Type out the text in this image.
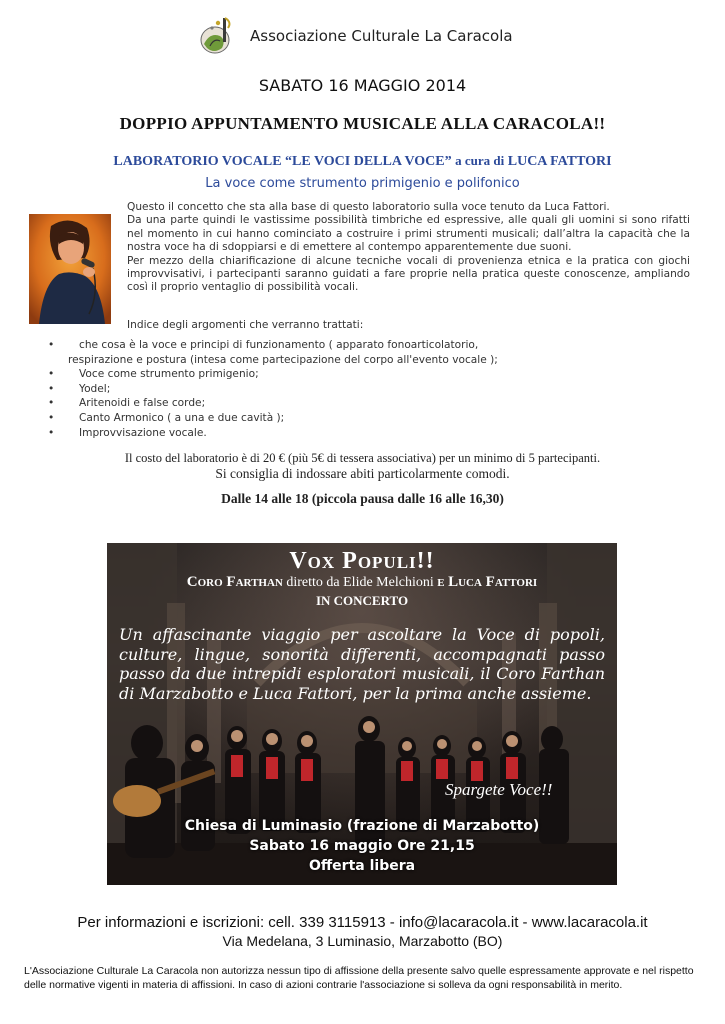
Associazione Culturale La Caracola
SABATO 16 MAGGIO 2014
DOPPIO APPUNTAMENTO MUSICALE ALLA CARACOLA!!
LABORATORIO VOCALE “LE VOCI DELLA VOCE” a cura di LUCA FATTORI
La voce come strumento primigenio e polifonico

Questo il concetto che sta alla base di questo laboratorio sulla voce tenuto da Luca Fattori.

Da una parte quindi le vastissime possibilità timbriche ed espressive, alle quali gli uomini si sono rifatti nel momento in cui hanno cominciato a costruire i primi strumenti musicali; dall’altra la capacità che la nostra voce ha di sdoppiarsi e di emettere al contempo apparentemente due suoni.

Per mezzo della chiarificazione di alcune tecniche vocali di provenienza etnica e la pratica con giochi improvvisativi, i partecipanti saranno guidati a fare proprie nella pratica queste conoscenze, ampliando così il proprio ventaglio di possibilità vocali.

Indice degli argomenti che verranno trattati:
• che cosa è la voce e principi di funzionamento ( apparato fonoarticolatorio,
respirazione e postura (intesa come partecipazione del corpo all'evento vocale );
• Voce come strumento primigenio;
• Yodel;
• Aritenoidi e false corde;
• Canto Armonico ( a una e due cavità );
• Improvvisazione vocale.
Il costo del laboratorio è di 20 € (più 5€ di tessera associativa) per un minimo di 5 partecipanti.
Si consiglia di indossare abiti particolarmente comodi.
Dalle 14 alle 18 (piccola pausa dalle 16 alle 16,30)
Vox Populi!!
Coro Farthan diretto da Elide Melchioni e Luca Fattori
IN CONCERTO
Un affascinante viaggio per ascoltare la Voce di popoli, culture, lingue, sonorità differenti, accompagnati passo passo da due intrepidi esploratori musicali, il Coro Farthan di Marzabotto e Luca Fattori, per la prima anche assieme.
Spargete Voce!!
Chiesa di Luminasio (frazione di Marzabotto)
Sabato 16 maggio Ore 21,15
Offerta libera
Per informazioni e iscrizioni: cell. 339 3115913 - info@lacaracola.it - www.lacaracola.it
Via Medelana, 3 Luminasio, Marzabotto (BO)
L'Associazione Culturale La Caracola non autorizza nessun tipo di affissione della presente salvo quelle espressamente approvate e nel rispetto delle normative vigenti in materia di affissioni. In caso di azioni contrarie l'associazione si solleva da ogni responsabilità in merito.
